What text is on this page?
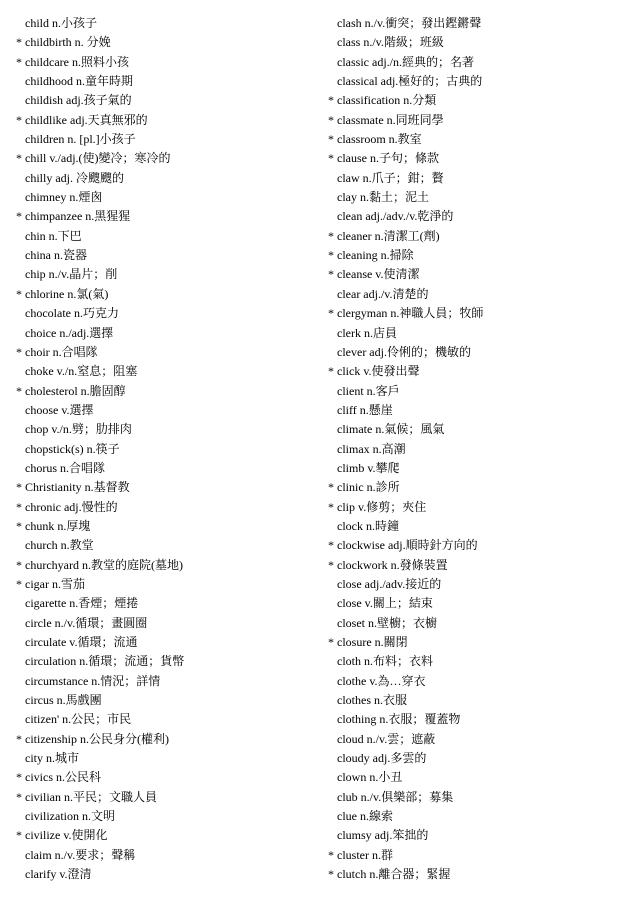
child n.小孩子
* childbirth n. 分娩
* childcare n.照料小孩
childhood n.童年時期
childish adj.孩子氣的
* childlike adj.天真無邪的
children n. [pl.]小孩子
* chill v./adj.(使)變冷；寒冷的
chilly adj. 冷颼颼的
chimney n.煙囪
* chimpanzee n.黑猩猩
chin n.下巴
china n.瓷器
chip n./v.晶片；削
* chlorine n.氯(氣)
chocolate n.巧克力
choice n./adj.選擇
* choir n.合唱隊
choke v./n.窒息；阻塞
* cholesterol n.膽固醇
choose v.選擇
chop v./n.劈；肋排肉
chopstick(s) n.筷子
chorus n.合唱隊
* Christianity n.基督教
* chronic adj.慢性的
* chunk n.厚塊
church n.教堂
* churchyard n.教堂的庭院(墓地)
* cigar n.雪茄
cigarette n.香煙；煙捲
circle n./v.循環；畫圓圈
circulate v.循環；流通
circulation n.循環；流通；貨幣
circumstance n.情況；詳情
circus n.馬戲團
citizen' n.公民；市民
* citizenship n.公民身分(權利)
city n.城市
* civics n.公民科
* civilian n.平民；文職人員
civilization n.文明
* civilize v.使開化
claim n./v.要求；聲稱
clarify v.澄清
clash n./v.衝突；發出鏗鏘聲
class n./v.階級；班級
classic adj./n.經典的；名著
classical adj.極好的；古典的
* classification n.分類
* classmate n.同班同學
* classroom n.教室
* clause n.子句；條款
claw n.爪子；鉗；贅
clay n.黏土；泥土
clean adj./adv./v.乾淨的
* cleaner n.清潔工(劑)
* cleaning n.掃除
* cleanse v.使清潔
clear adj./v.清楚的
* clergyman n.神職人員；牧師
clerk n.店員
clever adj.伶俐的；機敏的
* click v.使發出聲
client n.客戶
cliff n.懸崖
climate n.氣候；風氣
climax n.高潮
climb v.攀爬
* clinic n.診所
* clip v.修剪；夾住
clock n.時鐘
* clockwise adj.順時針方向的
* clockwork n.發條裝置
close adj./adv.接近的
close v.關上；結束
closet n.壁櫥；衣櫥
* closure n.關閉
cloth n.布料；衣料
clothe v.為…穿衣
clothes n.衣服
clothing n.衣服；覆蓋物
cloud n./v.雲；遮蔽
cloudy adj.多雲的
clown n.小丑
club n./v.俱樂部；募集
clue n.線索
clumsy adj.笨拙的
* cluster n.群
* clutch n.離合器；緊握
